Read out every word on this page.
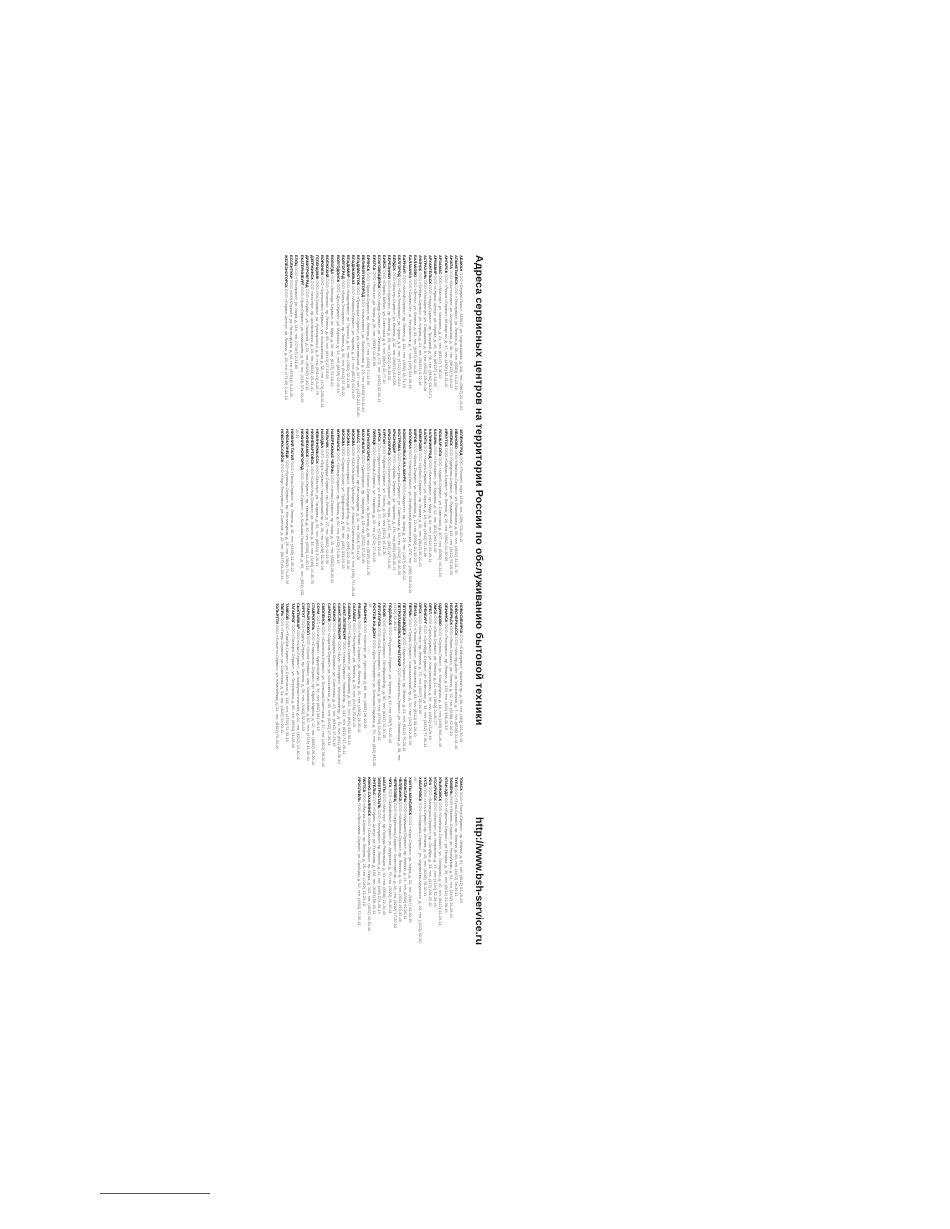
Адреса сервисных центров на территории России по обслуживанию бытовой техники
http://www.bsh-service.ru
АБАКАН ООО «Сервис-Плюс», 655017, ул. Чертыгашева, д. 116, тел. (3902) 22-41-02
АЛЬМЕТЬЕВСК ООО «Техсервис», ул. Ленина, д. 38, тел. (8553) 43-22-10
АНАПА ООО «Быттехника», ул. Астраханская, д. 96, тел. (86133) 5-40-12
АНГАРСК ООО «Ремонт-Сервис», 95 квартал, д. 17, тел. (3955) 52-11-40
АРЗАМАС ООО «Мастер», ул. Калинина, д. 24, тел. (83147) 7-30-22
АРМАВИР ООО «Сервис-Центр», ул. Кирова, д. 45, тел. (86137) 3-15-00
АРХАНГЕЛЬСК ООО «Норд-Сервис», пр. Троицкий, д. 52, тел. (8182) 65-33-71
АСТРАХАНЬ ООО «Техноцентр», ул. Савушкина, д. 6, тел. (8512) 25-60-48
АЧИНСК ООО «Сибирь-Сервис», ул. Кирова, д. 21, тел. (39151) 5-22-18
БАЛАКОВО ООО «Элтех», ул. Ленина, д. 93, тел. (8453) 62-44-30
БАЛАШИХА ООО «Сервис-М», ш. Энтузиастов, д. 7, тел. (495) 521-08-16
БАРНАУЛ ООО «Алтай-Сервис», пр. Ленина, д. 154, тел. (3852) 36-71-15
БЕЛГОРОД ООО «Бел-Техсервис», ул. Щорса, д. 8, тел. (4722) 31-20-44
БЕРДСК ООО «Мастер-Сервис», ул. Ленина, д. 30, тел. (38341) 2-14-56
БЕРЕЗНИКИ ООО «Уралтех», пр. Ленина, д. 59, тел. (3424) 26-18-03
БИЙСК ООО «Сервис-Бийск», ул. Советская, д. 9, тел. (3854) 32-77-10
БЛАГОВЕЩЕНСК ООО «Амур-Сервис», ул. Зейская, д. 173, тел. (4162) 52-30-11
БРАТСК ООО «Ремтех», ул. Мира, д. 35, тел. (3953) 41-20-55
БРЯНСК ООО «Брянск-Сервис», пр. Ленина, д. 67, тел. (4832) 74-12-90
ВЕЛИКИЙ НОВГОРОД ООО «Новсервис», ул. Ломоносова, д. 29, тел. (8162) 63-11-40
ВЛАДИВОСТОК ООО «Приморье-Сервис», ул. Светланская, д. 147, тел. (423) 243-50-60
ВЛАДИКАВКАЗ ООО «Алания-Сервис», ул. Кирова, д. 44, тел. (8672) 53-21-07
ВЛАДИМИР ООО «Владсервис», ул. Горького, д. 61, тел. (4922) 32-14-88
ВОЛГОГРАД ООО «Волга-Техсервис», пр. Ленина, д. 56, тел. (8442) 97-30-22
ВОЛГОДОНСК ООО «Дон-Сервис», ул. Морская, д. 12, тел. (8639) 22-40-15
ВОЛОГДА ООО «Вологда-Сервис», ул. Мира, д. 36, тел. (8172) 72-18-40
ВОЛЖСКИЙ ООО «Техника», пр. Ленина, д. 99, тел. (8443) 27-15-60
ВОРОНЕЖ ООО «Черноземье-Сервис», ул. Кольцовская, д. 35, тел. (473) 239-20-11
ГЕЛЕНДЖИК ООО «Юг-Сервис», ул. Луначарского, д. 8, тел. (86141) 5-22-70
ДЗЕРЖИНСК ООО «Мастер», пр. Циолковского, д. 15, тел. (8313) 25-31-44
ДИМИТРОВГРАД ООО «Сервис», ул. Гагарина, д. 21, тел. (84235) 2-40-11
ЕКАТЕРИНБУРГ ООО «Урал-Сервис», ул. Малышева, д. 51, тел. (343) 371-20-45
ЕЛЕЦ ООО «Техсервис», ул. Мира, д. 116, тел. (47467) 2-31-80
ЕССЕНТУКИ ООО «КМВ-Сервис», ул. Пятигорская, д. 40, тел. (87934) 6-12-30
ЖЕЛЕЗНОГОРСК ООО «Сервис-Центр», ул. Ленина, д. 25, тел. (47148) 2-44-10
ЗЕЛЕНОГРАД ООО «Техник», корп. 1106, тел. (499) 731-20-15
ИВАНОВО ООО «Иваново-Сервис», ул. Лежневская, д. 55, тел. (4932) 32-11-70
ИЖЕВСК ООО «Удмуртия-Сервис», ул. Пушкинская, д. 154, тел. (3412) 51-20-33
ИРКУТСК ООО «Байкал-Сервис», ул. Ленина, д. 20, тел. (3952) 24-30-55
ЙОШКАР-ОЛА ООО «Марий-Сервис», ул. Советская, д. 107, тел. (8362) 45-11-20
КАЗАНЬ ООО «Татсервис», ул. Баумана, д. 44, тел. (843) 292-15-40
КАЛИНИНГРАД ООО «Балтсервис», пр. Мира, д. 84, тел. (4012) 93-20-11
КАЛУГА ООО «Калуга-Сервис», ул. Кирова, д. 19, тел. (4842) 57-30-80
КЕМЕРОВО ООО «Кузбасс-Сервис», пр. Ленина, д. 90, тел. (3842) 35-21-40
КИРОВ ООО «Вятка-Сервис», ул. Московская, д. 12, тел. (8332) 64-10-22
КОЛОМНА ООО «Мастер-Плюс», ул. Октябрьской революции, д. 370, тел. (496) 618-20-11
КОМСОМОЛЬСК-НА-АМУРЕ ООО «Амуртех», пр. Мира, д. 29, тел. (4217) 54-30-12
КОСТРОМА ООО «Кострома-Сервис», ул. Советская, д. 63, тел. (4942) 31-40-05
КРАСНОДАР ООО «Кубань-Сервис», ул. Красная, д. 176, тел. (861) 255-30-71
КРАСНОЯРСК ООО «Енисей-Сервис», пр. Мира, д. 102, тел. (391) 227-40-18
КУРГАН ООО «Курган-Сервис», ул. Гоголя, д. 55, тел. (3522) 46-11-30
КУРСК ООО «Курсктехсервис», ул. Ленина, д. 77, тел. (4712) 51-20-44
ЛИПЕЦК ООО «Липецк-Сервис», ул. Гагарина, д. 33, тел. (4742) 27-30-15
МАГНИТОГОРСК ООО «Магнит-Сервис», пр. Ленина, д. 89, тел. (3519) 22-41-70
МАХАЧКАЛА ООО «Дагсервис», пр. Гамидова, д. 18, тел. (8722) 67-20-30
МИАСС ООО «Техсервис», пр. Автозаводцев, д. 11, тел. (3513) 53-14-20
МОСКВА ООО «БСХ Бытовые Приборы», ул. Малая Семёновская, д. 9, тел. (495) 737-29-61
МОСКВА ООО «Техносервис», Ленинградский пр., д. 37, тел. (495) 212-30-40
МОСКВА ООО «Сервис-Холл», ул. Профсоюзная, д. 56, тел. (495) 331-20-15
МУРМАНСК ООО «Север-Сервис», пр. Ленина, д. 82, тел. (8152) 45-30-11
НАБЕРЕЖНЫЕ ЧЕЛНЫ ООО «Челны-Сервис», пр. Мира, д. 49, тел. (8552) 39-20-44
НАЛЬЧИК ООО «Кабарда-Сервис», пр. Ленина, д. 27, тел. (8662) 42-11-30
НАХОДКА ООО «Порт-Сервис», Находкинский пр., д. 58, тел. (4236) 62-30-18
НЕВИННОМЫССК ООО «Мастер», ул. Гагарина, д. 54, тел. (86554) 3-20-11
НИЖНЕВАРТОВСК ООО «Самотлор-Сервис», ул. Ленина, д. 15, тел. (3466) 24-30-70
НИЖНЕКАМСК ООО «Кама-Сервис», пр. Химиков, д. 40, тел. (8555) 41-20-15
НИЖНИЙ НОВГОРОД ООО «Волга-Сервис», ул. Большая Покровская, д. 60, тел. (831) 433-20-11
НИЖНИЙ ТАГИЛ ООО «Тагил-Сервис», пр. Ленина, д. 38, тел. (3435) 41-30-22
НОВОКУЗНЕЦК ООО «Кузнецк-Сервис», пр. Металлургов, д. 26, тел. (3843) 74-20-10
НОВОРОССИЙСК ООО «Порт-Техсервис», ул. Советов, д. 42, тел. (8617) 61-30-15
НОВОСИБИРСК ООО «Сибсервис», Красный пр., д. 86, тел. (383) 221-30-40
НОВОЧЕРКАССК ООО «Мастер-Дон», ул. Московская, д. 7, тел. (8635) 22-11-40
НОЯБРЬСК ООО «Ямал-Сервис», ул. Ленина, д. 32, тел. (3496) 42-20-10
ОБНИНСК ООО «Техсервис», пр. Ленина, д. 129, тел. (484) 396-30-15
ОДИНЦОВО ООО «Сервис-Плюс», ул. Молодёжная, д. 46, тел. (495) 591-20-40
ОМСК ООО «Омск-Сервис», ул. Ленина, д. 14, тел. (3812) 24-30-77
ОРЕЛ ООО «Орёл-Сервис», ул. Комсомольская, д. 66, тел. (4862) 43-20-15
ОРЕНБУРГ ООО «Оренбург-Сервис», ул. Советская, д. 35, тел. (3532) 77-30-11
ОРСК ООО «Мастер», пр. Ленина, д. 75, тел. (3537) 25-14-30
ПЕНЗА ООО «Пенза-Сервис», ул. Московская, д. 83, тел. (8412) 56-20-40
ПЕРМЬ ООО «Пермь-Сервис», Комсомольский пр., д. 34, тел. (342) 212-30-15
ПЕТРОЗАВОДСК ООО «Карелия-Сервис», пр. Ленина, д. 21, тел. (8142) 76-20-11
ПЕТРОПАВЛОВСК-КАМЧАТСКИЙ ООО «Камчатка-Сервис», ул. Ленинская, д. 38, тел. (4152) 42-30-18
ПОДОЛЬСК ООО «Подольск-Сервис», ул. Кирова, д. 12, тел. (4967) 63-20-40
ПСКОВ ООО «Псков-Сервис», Октябрьский пр., д. 50, тел. (8112) 72-30-15
ПЯТИГОРСК ООО «КМВ-Техсервис», пр. Кирова, д. 59, тел. (8793) 33-20-11
РОСТОВ-НА-ДОНУ ООО «Дон-Техсервис», ул. Большая Садовая, д. 70, тел. (863) 263-30-40
РЫБИНСК ООО «Мастер», ул. Крестовая, д. 88, тел. (4855) 28-20-15
РЯЗАНЬ ООО «Рязань-Сервис», ул. Ленина, д. 35, тел. (4912) 28-30-11
САЛАВАТ ООО «Техсервис», ул. Ленина, д. 28, тел. (3476) 35-20-40
САМАРА ООО «Самара-Сервис», ул. Куйбышева, д. 103, тел. (846) 332-30-15
САНКТ-ПЕТЕРБУРГ ООО «Нева-Сервис», Невский пр., д. 132, тел. (812) 717-20-11
САНКТ-ПЕТЕРБУРГ ООО «Балт-Техсервис», Московский пр., д. 79, тел. (812) 388-30-40
САРАНСК ООО «Мордовия-Сервис», ул. Советская, д. 47, тел. (8342) 47-20-15
САРАТОВ ООО «Саратов-Сервис», ул. Московская, д. 55, тел. (8452) 27-30-11
СМОЛЕНСК ООО «Смоленск-Сервис», ул. Большая Советская, д. 17, тел. (4812) 38-20-40
СОЧИ ООО «Сочи-Сервис», Курортный пр., д. 34, тел. (862) 264-30-15
СТАВРОПОЛЬ ООО «Ставрополь-Сервис», пр. Карла Маркса, д. 42, тел. (8652) 26-20-11
СТАРЫЙ ОСКОЛ ООО «Оскол-Сервис», мкр. Олимпийский, д. 62, тел. (4725) 32-30-40
СУРГУТ ООО «Сургут-Сервис», пр. Ленина, д. 39, тел. (3462) 52-20-15
СЫКТЫВКАР ООО «Коми-Сервис», ул. Коммунистическая, д. 24, тел. (8212) 24-30-11
ТАГАНРОГ ООО «Таганрог-Сервис», ул. Петровская, д. 89, тел. (8634) 31-20-40
ТАМБОВ ООО «Тамбов-Сервис», ул. Советская, д. 118, тел. (4752) 72-30-15
ТВЕРЬ ООО «Тверь-Сервис», ул. Советская, д. 31, тел. (4822) 34-20-11
ТОЛЬЯТТИ ООО «Тольятти-Сервис», ул. Юбилейная, д. 31, тел. (8482) 70-30-40
ТОМСК ООО «Томск-Сервис», пр. Ленина, д. 54, тел. (3822) 51-20-15
ТУЛА ООО «Тула-Сервис», пр. Ленина, д. 85, тел. (4872) 36-30-11
ТЮМЕНЬ ООО «Тюмень-Сервис», ул. Республики, д. 61, тел. (3452) 46-20-40
УЛАН-УДЭ ООО «Бурятия-Сервис», ул. Ленина, д. 30, тел. (3012) 21-30-15
УЛЬЯНОВСК ООО «Симбирск-Сервис», ул. Гончарова, д. 40, тел. (8422) 41-20-11
УССУРИЙСК ООО «Мастер», ул. Некрасова, д. 17, тел. (4234) 32-30-40
УФА ООО «Башкирия-Сервис», пр. Октября, д. 33, тел. (347) 248-20-15
УХТА ООО «Ухта-Сервис», пр. Ленина, д. 45, тел. (8216) 76-30-11
ХАБАРОВСК ООО «Хабаровск-Сервис», ул. Муравьёва-Амурского, д. 23, тел. (4212) 30-20-40
ХАНТЫ-МАНСИЙСК ООО «Югра-Сервис», ул. Мира, д. 52, тел. (3467) 33-30-15
ЧЕБОКСАРЫ ООО «Чувашия-Сервис», пр. Ленина, д. 41, тел. (8352) 62-20-11
ЧЕЛЯБИНСК ООО «Челябинск-Сервис», пр. Ленина, д. 64, тел. (351) 263-30-40
ЧЕРЕПОВЕЦ ООО «Череповец-Сервис», Советский пр., д. 35, тел. (8202) 57-20-15
ЧИТА ООО «Забайкалье-Сервис», ул. Амурская, д. 70, тел. (3022) 35-30-11
ШАХТЫ ООО «Мастер», пр. Победы Революции, д. 93, тел. (8636) 22-20-40
ЭЛЕКТРОСТАЛЬ ООО «Техсервис», пр. Ленина, д. 11, тел. (496) 574-30-15
ЭНГЕЛЬС ООО «Сервис-Центр», ул. Тельмана, д. 150, тел. (8453) 55-20-11
ЮЖНО-САХАЛИНСК ООО «Сахалин-Сервис», пр. Мира, д. 113, тел. (4242) 42-30-40
ЯКУТСК ООО «Якутия-Сервис», пр. Ленина, д. 28, тел. (4112) 42-20-15
ЯРОСЛАВЛЬ ООО «Ярославль-Сервис», ул. Свободы, д. 62, тел. (4852) 72-30-11
